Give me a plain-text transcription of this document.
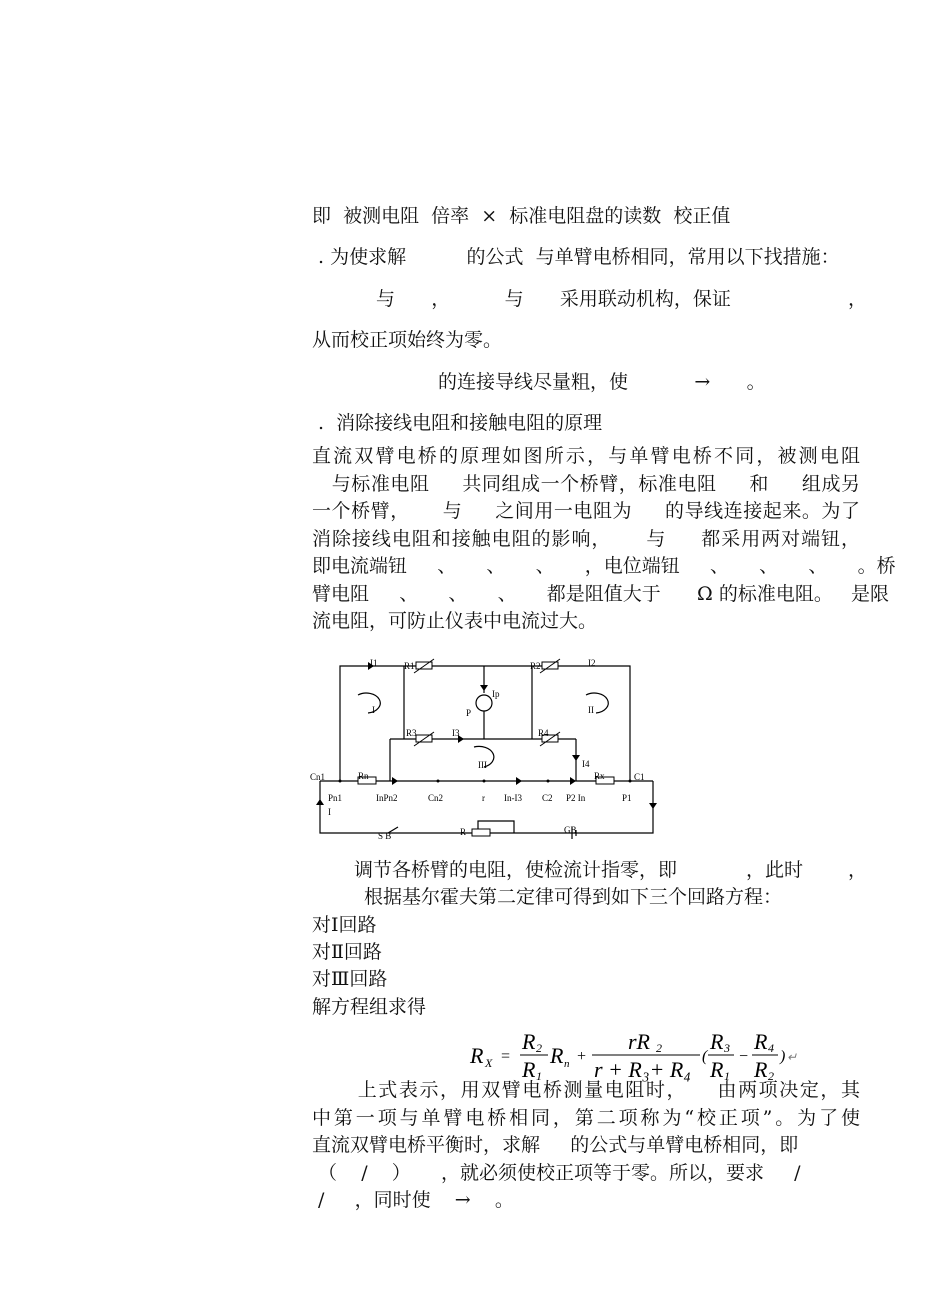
即  被测电阻  倍率  ×  标准电阻盘的读数  校正值
. 为使求解          的公式  与单臂电桥相同，常用以下找措施：
与      ，         与      采用联动机构，保证	，
从而校正项始终为零。
的连接导线尽量粗，使           →      。
.  消除接线电阻和接触电阻的原理
直流双臂电桥的原理如图所示，与单臂电桥不同，被测电阻
与标准电阻     共同组成一个桥臂，标准电阻     和     组成另
一个桥臂，     与     之间用一电阻为     的导线连接起来。为了
消除接线电阻和接触电阻的影响，     与     都采用两对端钮，
即电流端钮     、     、     、     ，电位端钮     、     、     、     。桥
臂电阻     、     、     、     都是阻值大于      Ω 的标准电阻。   是限
流电阻，可防止仪表中电流过大。
I1	R1	R2	I2
Ip
P
I	II
III
R3	I3	R4
I4
Cn1	Rn	Rx	C1
Pn1	InPn2	Cn2	r In-I3 C2 P2 In	P1
I
S B	R	GB
调节各桥臂的电阻，使检流计指零，即	，此时 ，
根据基尔霍夫第二定律可得到如下三个回路方程：
对Ⅰ回路
对Ⅱ回路
对Ⅲ回路
解方程组求得
R X =
R 2
R 1
R n +
rR 2
r + R₃+ R₄
(
R 3
R 1
−
R 4
R 2
) ↵
上式表示，用双臂电桥测量电阻时，    由两项决定，其
中第一项与单臂电桥相同，第二项称为“校正项”。为了使
直流双臂电桥平衡时，求解     的公式与单臂电桥相同，即
（    /    ）     ，就必须使校正项等于零。所以，要求     /
/     ，同时使    →    。
